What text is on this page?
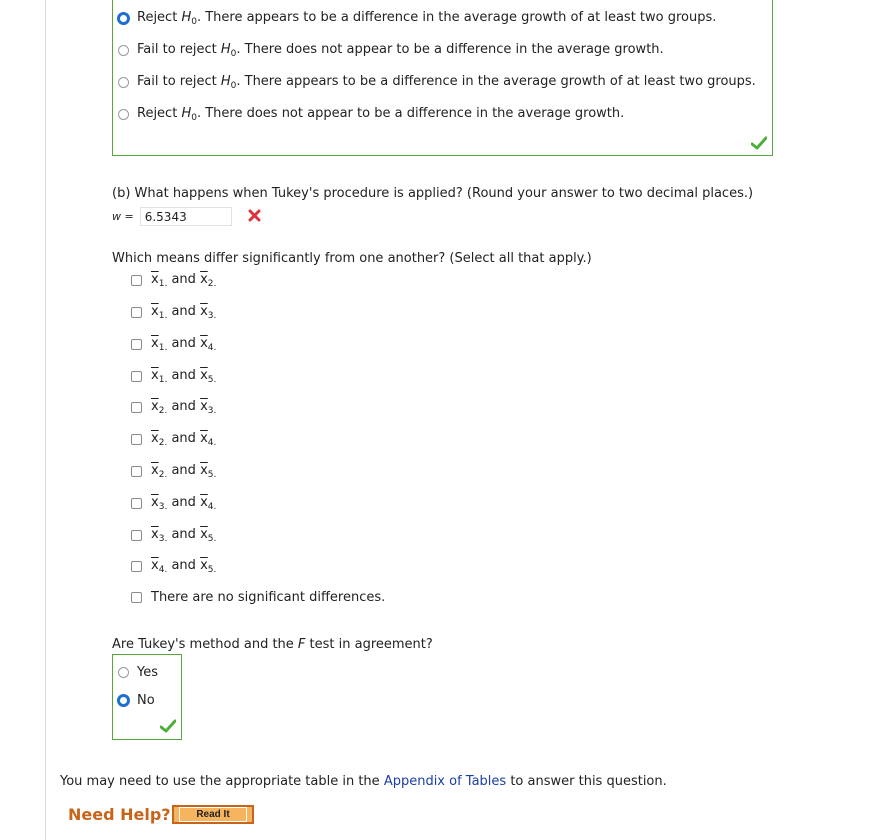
Reject $H_0$. There appears to be a difference in the average growth of at least two groups.
Fail to reject $H_0$. There does not appear to be a difference in the average growth.
Fail to reject $H_0$. There appears to be a difference in the average growth of at least two groups.
Reject $H_0$. There does not appear to be a difference in the average growth.
(b) What happens when Tukey's procedure is applied? (Round your answer to two decimal places.)
w = 6.5343
Which means differ significantly from one another? (Select all that apply.)
$\overline{x}_{1.}$ and $\overline{x}_{2.}$
$\overline{x}_{1.}$ and $\overline{x}_{3.}$
$\overline{x}_{1.}$ and $\overline{x}_{4.}$
$\overline{x}_{1.}$ and $\overline{x}_{5.}$
$\overline{x}_{2.}$ and $\overline{x}_{3.}$
$\overline{x}_{2.}$ and $\overline{x}_{4.}$
$\overline{x}_{2.}$ and $\overline{x}_{5.}$
$\overline{x}_{3.}$ and $\overline{x}_{4.}$
$\overline{x}_{3.}$ and $\overline{x}_{5.}$
$\overline{x}_{4.}$ and $\overline{x}_{5.}$
There are no significant differences.
Are Tukey's method and the F test in agreement?
Yes
No
You may need to use the appropriate table in the Appendix of Tables to answer this question.
Need Help?	Read It
